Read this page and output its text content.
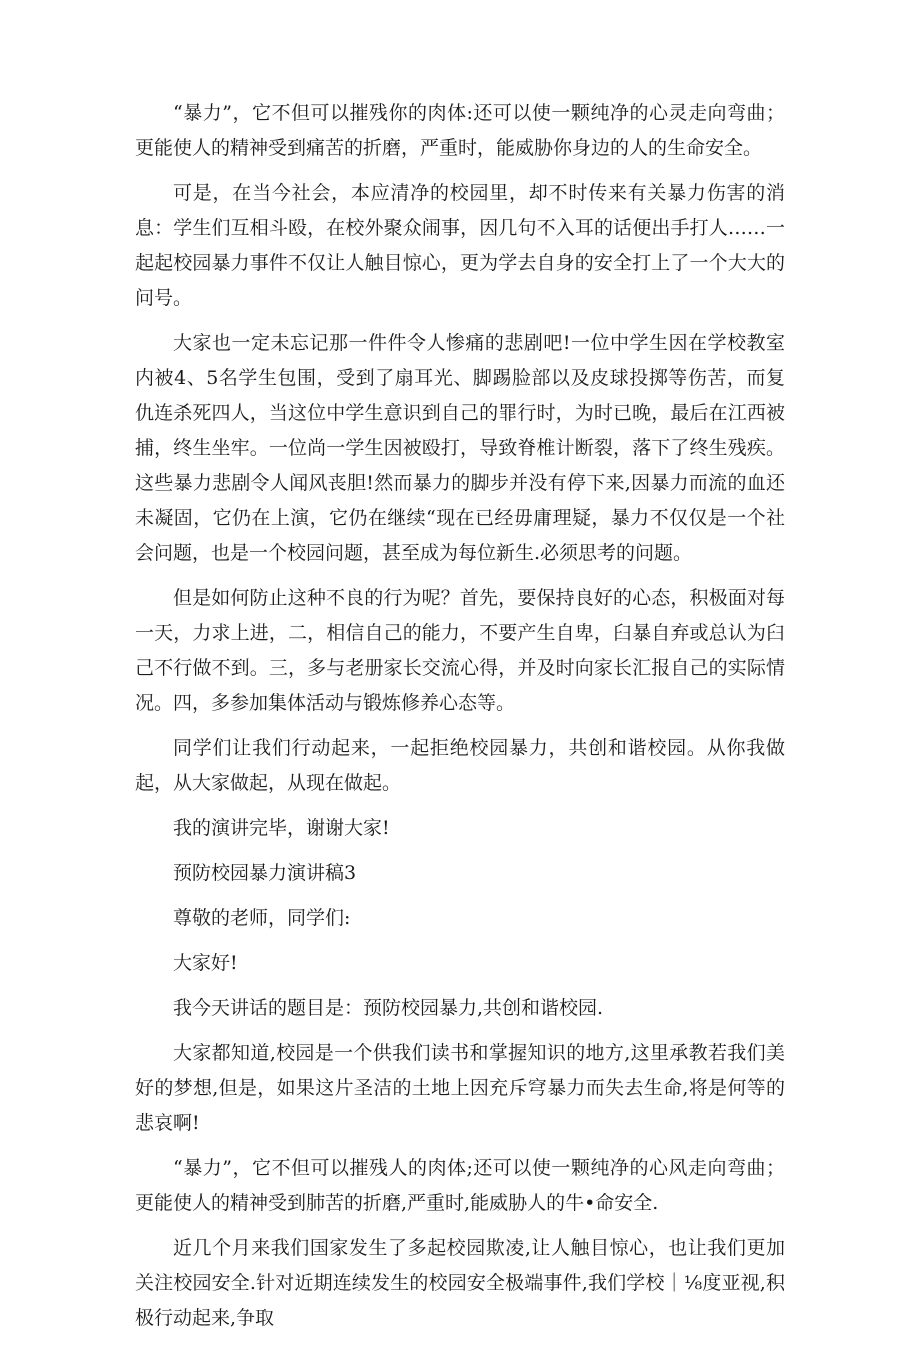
“暴力”，它不但可以摧残你的肉体:还可以使一颗纯净的心灵走向弯曲；更能使人的精神受到痛苦的折磨，严重时，能威胁你身边的人的生命安全。

可是，在当今社会，本应清净的校园里，却不时传来有关暴力伤害的消息：学生们互相斗殴，在校外聚众闹事，因几句不入耳的话便出手打人……一起起校园暴力事件不仅让人触目惊心，更为学去自身的安全打上了一个大大的问号。

大家也一定未忘记那一件件令人惨痛的悲剧吧!一位中学生因在学校教室内被4、5名学生包围，受到了扇耳光、脚踢脸部以及皮球投掷等伤苦，而复仇连杀死四人，当这位中学生意识到自己的罪行时，为时已晚，最后在江西被捕，终生坐牢。一位尚一学生因被殴打，导致脊椎计断裂，落下了终生残疾。这些暴力悲剧令人闻风丧胆!然而暴力的脚步并没有停下来,因暴力而流的血还未凝固，它仍在上演，它仍在继续“现在已经毋庸理疑，暴力不仅仅是一个社会问题，也是一个校园问题，甚至成为每位新生.必须思考的问题。

但是如何防止这种不良的行为呢？首先，要保持良好的心态，积极面对每一天，力求上进，二，相信自己的能力，不要产生自卑，臼暴自弃或总认为臼己不行做不到。三，多与老册家长交流心得，并及时向家长汇报自己的实际情况。四，多参加集体活动与锻炼修养心态等。

同学们让我们行动起来，一起拒绝校园暴力，共创和谐校园。从你我做起，从大家做起，从现在做起。

我的演讲完毕，谢谢大家!

预防校园暴力演讲稿3

尊敬的老师，同学们:

大家好!

我今天讲话的题目是：预防校园暴力,共创和谐校园.

大家都知道,校园是一个供我们读书和掌握知识的地方,这里承教若我们美好的梦想,但是，如果这片圣洁的土地上因充斥穹暴力而失去生命,将是何等的悲哀啊!

“暴力”，它不但可以摧残人的肉体;还可以使一颗纯净的心风走向弯曲；更能使人的精神受到肺苦的折磨,严重时,能威胁人的牛•命安全.

近几个月来我们国家发生了多起校园欺凌,让人触目惊心，也让我们更加关注校园安全.针对近期连续发生的校园安全极端事件,我们学校｜⅛度亚视,积极行动起来,争取
